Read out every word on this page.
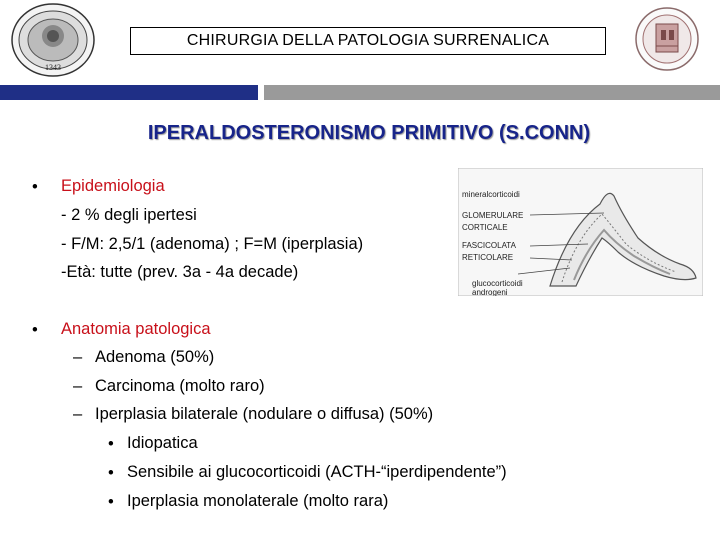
1343
CHIRURGIA DELLA PATOLOGIA SURRENALICA
IPERALDOSTERONISMO PRIMITIVO (S.CONN)
• Epidemiologia
- 2 % degli ipertesi
- F/M: 2,5/1 (adenoma) ; F=M (iperplasia)
-Età: tutte (prev. 3a - 4a decade)
• Anatomia patologica
– Adenoma (50%)
– Carcinoma (molto raro)
– Iperplasia bilaterale (nodulare o diffusa) (50%)
• Idiopatica
• Sensibile ai glucocorticoidi (ACTH-“iperdipendente”)
• Iperplasia monolaterale (molto rara)
mineralcorticoidi
GLOMERULARE
CORTICALE
FASCICOLATA
RETICOLARE
glucocorticoidi
androgeni
